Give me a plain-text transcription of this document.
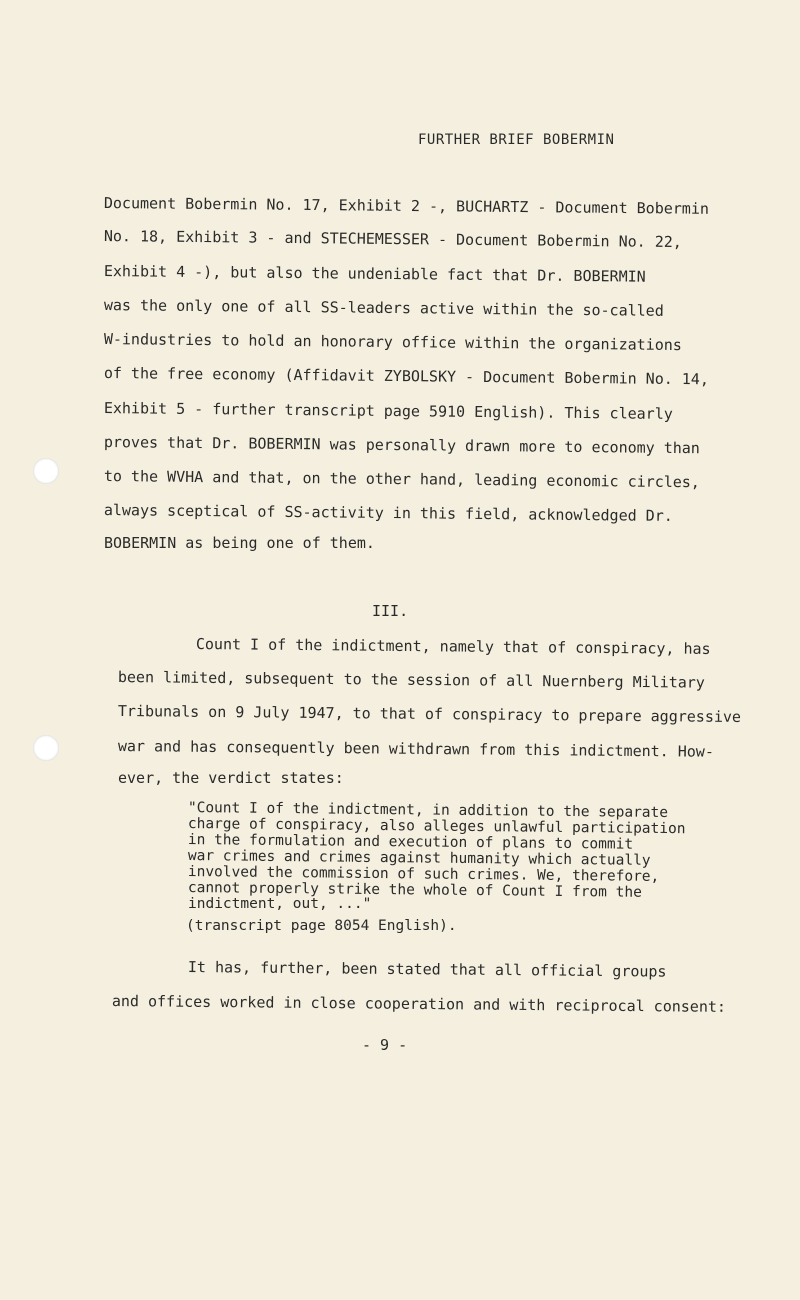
FURTHER BRIEF BOBERMIN
Document Bobermin No. 17, Exhibit 2 -, BUCHARTZ - Document Bobermin
No. 18, Exhibit 3 - and STECHEMESSER - Document Bobermin No. 22,
Exhibit 4 -), but also the undeniable fact that Dr. BOBERMIN
was the only one of all SS-leaders active within the so-called
W-industries to hold an honorary office within the organizations
of the free economy (Affidavit ZYBOLSKY - Document Bobermin No. 14,
Exhibit 5 - further transcript page 5910 English). This clearly
proves that Dr. BOBERMIN was personally drawn more to economy than
to the WVHA and that, on the other hand, leading economic circles,
always sceptical of SS-activity in this field, acknowledged Dr.
BOBERMIN as being one of them.
III.
Count I of the indictment, namely that of conspiracy, has
been limited, subsequent to the session of all Nuernberg Military
Tribunals on 9 July 1947, to that of conspiracy to prepare aggressive
war and has consequently been withdrawn from this indictment. How-
ever, the verdict states:
"Count I of the indictment, in addition to the separate
charge of conspiracy, also alleges unlawful participation
in the formulation and execution of plans to commit
war crimes and crimes against humanity which actually
involved the commission of such crimes. We, therefore,
cannot properly strike the whole of Count I from the
indictment, out, ..."
(transcript page 8054 English).
It has, further, been stated that all official groups
and offices worked in close cooperation and with reciprocal consent:
- 9 -
